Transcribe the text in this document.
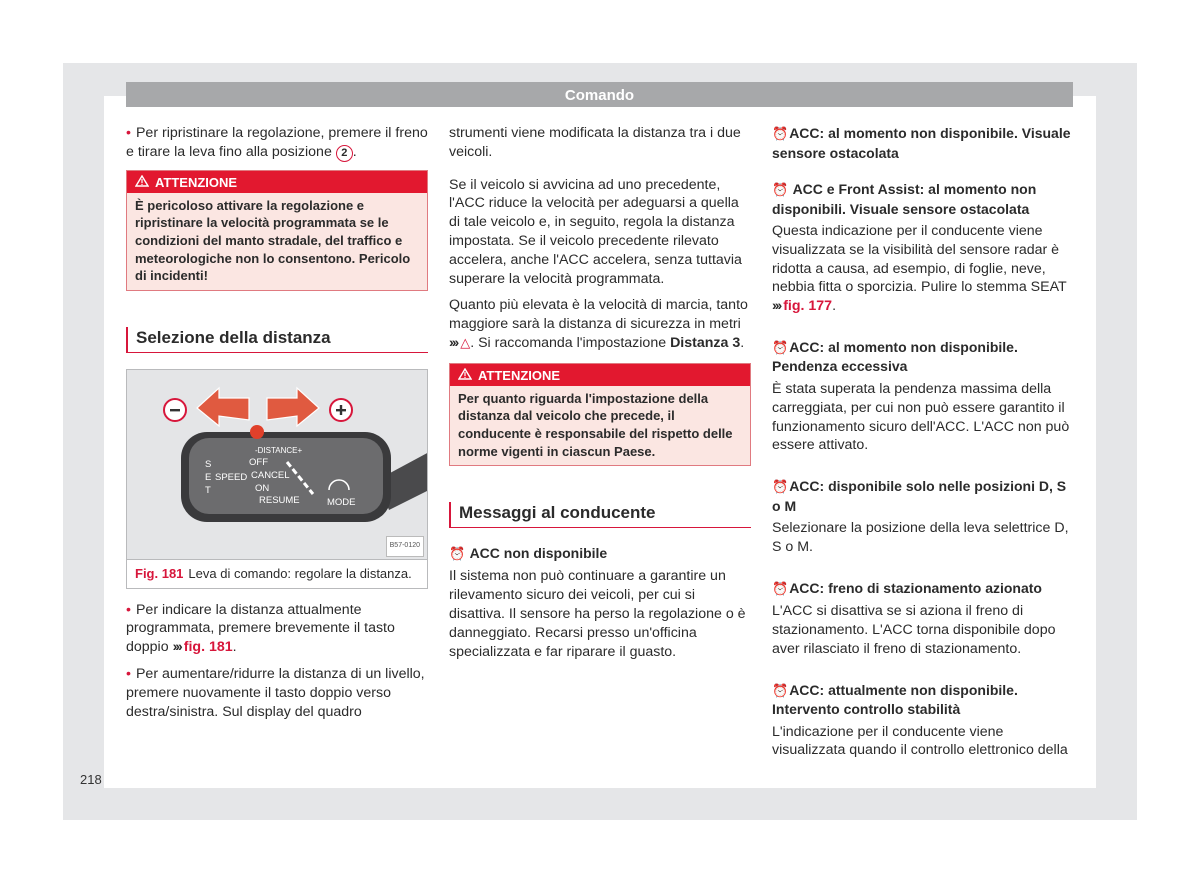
Comando

• Per ripristinare la regolazione, premere il freno e tirare la leva fino alla posizione 2 .

ATTENZIONE
È pericoloso attivare la regolazione e ripristinare la velocità programmata se le condizioni del manto stradale, del traffico e meteorologiche non lo consentono. Pericolo di incidenti!
Selezione della distanza
-DISTANCE+
S
E
T
SPEED
OFF
CANCEL
ON
RESUME	MODE
B57-0120
Fig. 181 Leva di comando: regolare la distanza.

• Per indicare la distanza attualmente programmata, premere brevemente il tasto doppio ››› fig. 181.

• Per aumentare/ridurre la distanza di un livello, premere nuovamente il tasto doppio verso destra/sinistra. Sul display del quadro

strumenti viene modificata la distanza tra i due veicoli.

Se il veicolo si avvicina ad uno precedente, l'ACC riduce la velocità per adeguarsi a quella di tale veicolo e, in seguito, regola la distanza impostata. Se il veicolo precedente rilevato accelera, anche l'ACC accelera, senza tuttavia superare la velocità programmata.

Quanto più elevata è la velocità di marcia, tanto maggiore sarà la distanza di sicurezza in metri ››› △. Si raccomanda l'impostazione Distanza 3.

ATTENZIONE
Per quanto riguarda l'impostazione della distanza dal veicolo che precede, il conducente è responsabile del rispetto delle norme vigenti in ciascun Paese.
Messaggi al conducente
⏰ ACC non disponibile

Il sistema non può continuare a garantire un rilevamento sicuro dei veicoli, per cui si disattiva. Il sensore ha perso la regolazione o è danneggiato. Recarsi presso un'officina specializzata e far riparare il guasto.

⏰ACC: al momento non disponibile. Visuale sensore ostacolata
⏰ ACC e Front Assist: al momento non disponibili. Visuale sensore ostacolata

Questa indicazione per il conducente viene visualizzata se la visibilità del sensore radar è ridotta a causa, ad esempio, di foglie, neve, nebbia fitta o sporcizia. Pulire lo stemma SEAT ››› fig. 177.

⏰ACC: al momento non disponibile. Pendenza eccessiva

È stata superata la pendenza massima della carreggiata, per cui non può essere garantito il funzionamento sicuro dell'ACC. L'ACC non può essere attivato.

⏰ACC: disponibile solo nelle posizioni D, S o M

Selezionare la posizione della leva selettrice D, S o M.

⏰ACC: freno di stazionamento azionato

L'ACC si disattiva se si aziona il freno di stazionamento. L'ACC torna disponibile dopo aver rilasciato il freno di stazionamento.

⏰ACC: attualmente non disponibile. Intervento controllo stabilità

L'indicazione per il conducente viene visualizzata quando il controllo elettronico della

218
